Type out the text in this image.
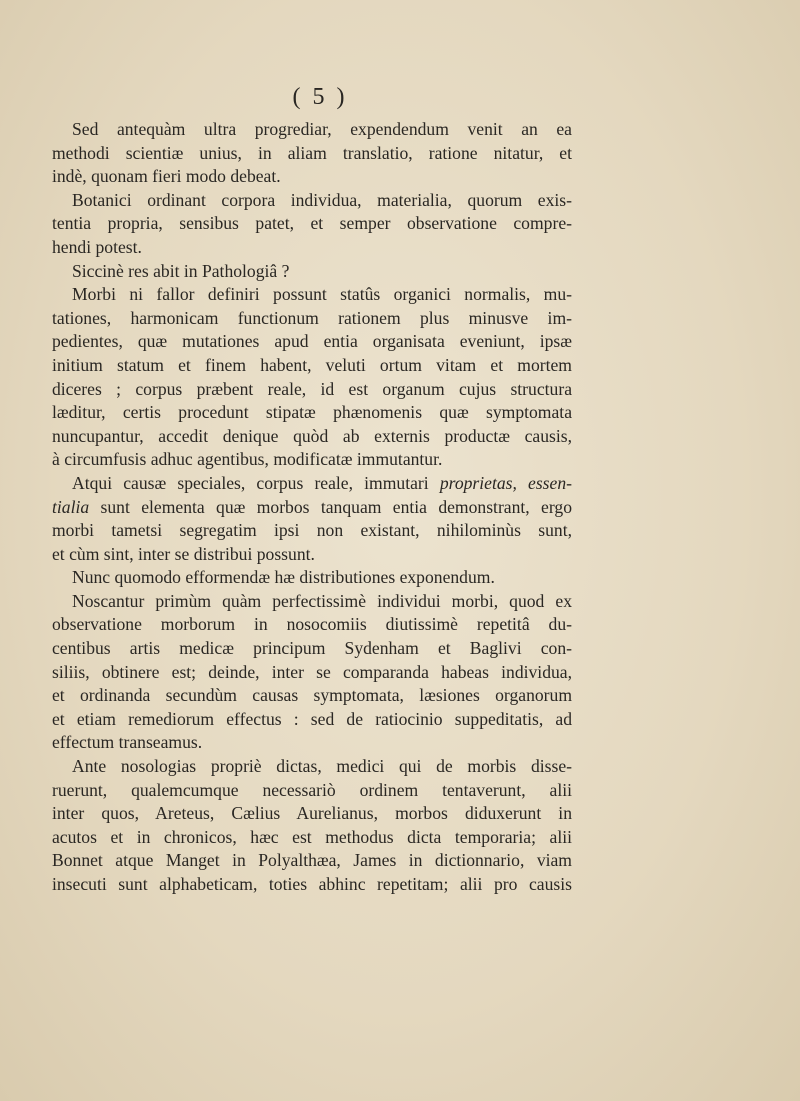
( 5 )

Sed antequàm ultra progrediar, expendendum venit an ea
methodi scientiæ unius, in aliam translatio, ratione nitatur, et
indè, quonam fieri modo debeat.

Botanici ordinant corpora individua, materialia, quorum exis-
tentia propria, sensibus patet, et semper observatione compre-
hendi potest.

Siccinè res abit in Pathologiâ ?

Morbi ni fallor definiri possunt statûs organici normalis, mu-
tationes, harmonicam functionum rationem plus minusve im-
pedientes, quæ mutationes apud entia organisata eveniunt, ipsæ
initium statum et finem habent, veluti ortum vitam et mortem
diceres ; corpus præbent reale, id est organum cujus structura
læditur, certis procedunt stipatæ phænomenis quæ symptomata
nuncupantur, accedit denique quòd ab externis productæ causis,
à circumfusis adhuc agentibus, modificatæ immutantur.

Atqui causæ speciales, corpus reale, immutari proprietas, essen-
tialia sunt elementa quæ morbos tanquam entia demonstrant, ergo
morbi tametsi segregatim ipsi non existant, nihilominùs sunt,
et cùm sint, inter se distribui possunt.

Nunc quomodo efformendæ hæ distributiones exponendum.

Noscantur primùm quàm perfectissimè individui morbi, quod ex
observatione morborum in nosocomiis diutissimè repetitâ du-
centibus artis medicæ principum Sydenham et Baglivi con-
siliis, obtinere est; deinde, inter se comparanda habeas individua,
et ordinanda secundùm causas symptomata, læsiones organorum
et etiam remediorum effectus : sed de ratiocinio suppeditatis, ad
effectum transeamus.

Ante nosologias propriè dictas, medici qui de morbis disse-
ruerunt, qualemcumque necessariò ordinem tentaverunt, alii
inter quos, Areteus, Cælius Aurelianus, morbos diduxerunt in
acutos et in chronicos, hæc est methodus dicta temporaria; alii
Bonnet atque Manget in Polyalthæa, James in dictionnario, viam
insecuti sunt alphabeticam, toties abhinc repetitam; alii pro causis
